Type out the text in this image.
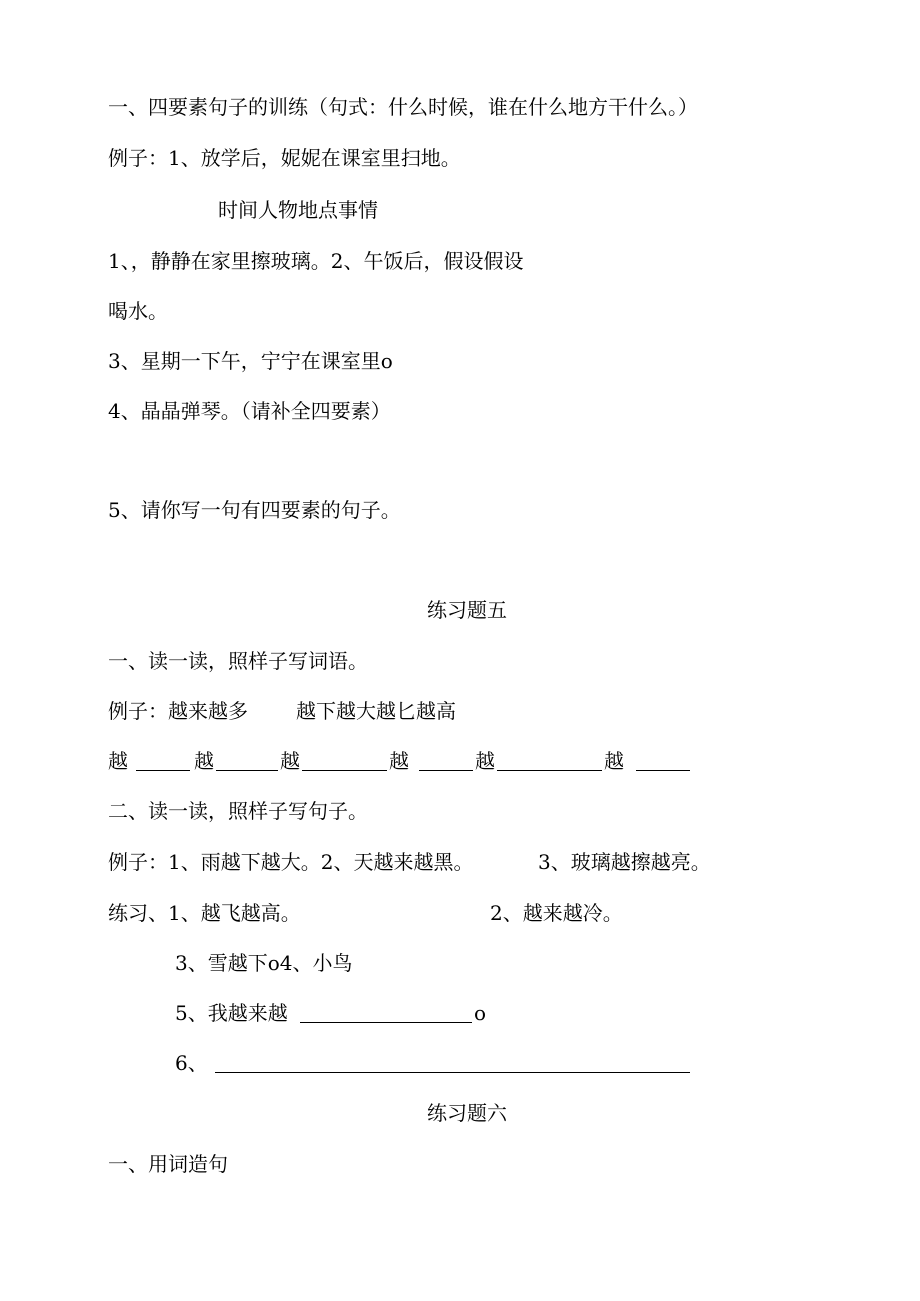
一、四要素句子的训练（句式：什么时候，谁在什么地方干什么。）
例子：1、放学后，妮妮在课室里扫地。
时间人物地点事情
1、，静静在家里擦玻璃。2、午饭后，假设假设
喝水。
3、星期一下午，宁宁在课室里o
4、晶晶弹琴。（请补全四要素）
5、请你写一句有四要素的句子。
练习题五
一、读一读，照样子写词语。
例子：越来越多 越下越大越匕越高
越	越	越	越	越	越
二、读一读，照样子写句子。
例子：1、雨越下越大。2、天越来越黑。	3、玻璃越擦越亮。
练习、1、越飞越高。	2、越来越冷。
3、雪越下o4、小鸟
5、我越来越	o
6、
练习题六
一、用词造句
